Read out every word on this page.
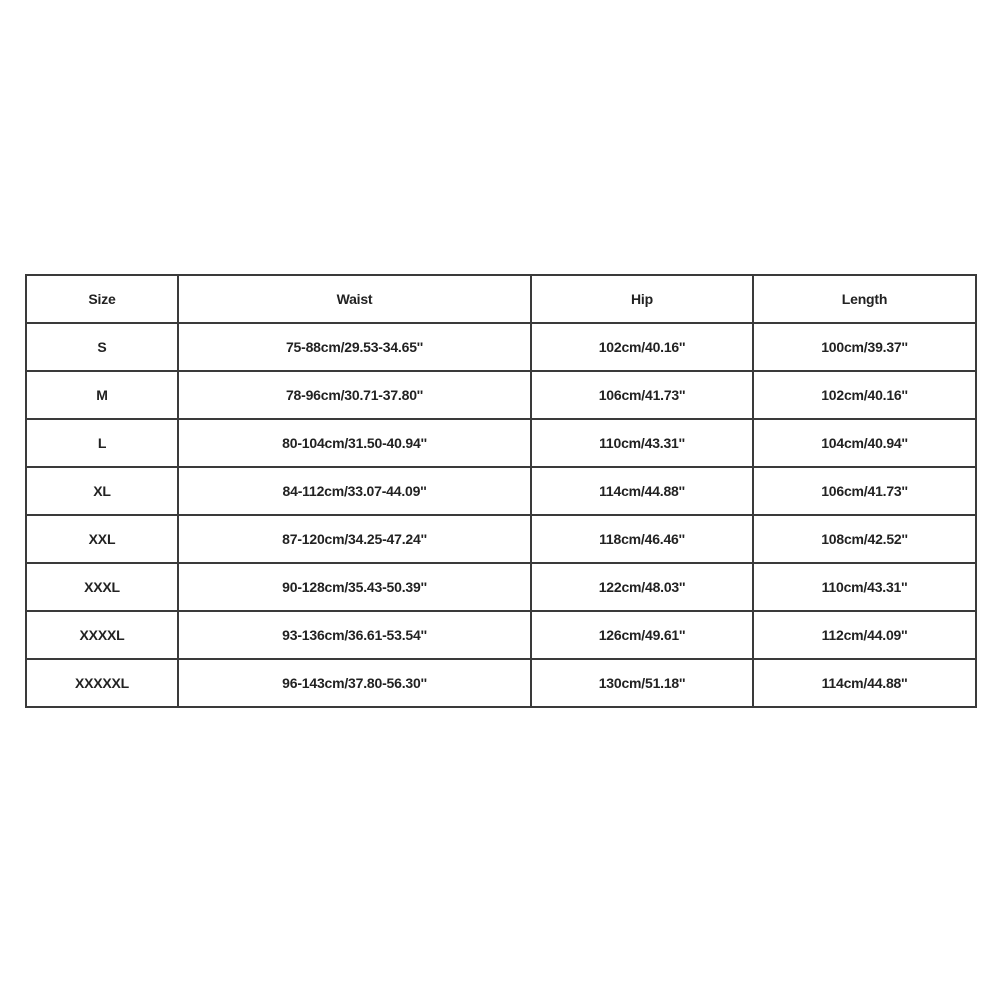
Size	Waist	Hip	Length
S	75-88cm/29.53-34.65''	102cm/40.16''	100cm/39.37''
M	78-96cm/30.71-37.80''	106cm/41.73''	102cm/40.16''
L	80-104cm/31.50-40.94''	110cm/43.31''	104cm/40.94''
XL	84-112cm/33.07-44.09''	114cm/44.88''	106cm/41.73''
XXL	87-120cm/34.25-47.24''	118cm/46.46''	108cm/42.52''
XXXL	90-128cm/35.43-50.39''	122cm/48.03''	110cm/43.31''
XXXXL	93-136cm/36.61-53.54''	126cm/49.61''	112cm/44.09''
XXXXXL	96-143cm/37.80-56.30''	130cm/51.18''	114cm/44.88''
